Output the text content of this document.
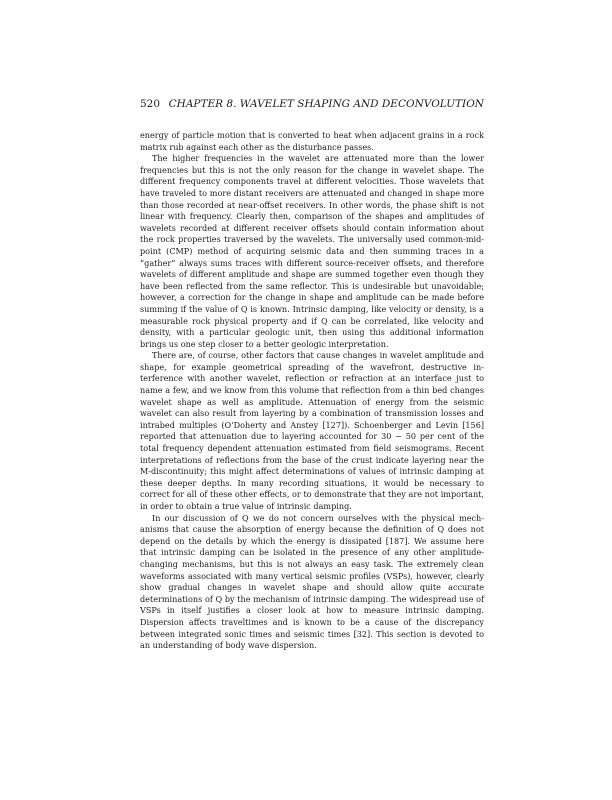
520 CHAPTER 8. WAVELET SHAPING AND DECONVOLUTION

energy of particle motion that is converted to heat when adjacent grains in a rock matrix rub against each other as the disturbance passes.

The higher frequencies in the wavelet are attenuated more than the lower frequencies but this is not the only reason for the change in wavelet shape. The different frequency components travel at different velocities. Those wavelets that have traveled to more distant receivers are attenuated and changed in shape more than those recorded at near-offset receivers. In other words, the phase shift is not linear with frequency. Clearly then, comparison of the shapes and amplitudes of wavelets recorded at different receiver offsets should contain information about the rock properties traversed by the wavelets. The universally used common-mid-point (CMP) method of acquiring seismic data and then summing traces in a “gather” always sums traces with different source-receiver offsets, and therefore wavelets of different amplitude and shape are summed together even though they have been reflected from the same reflector. This is undesirable but unavoidable; however, a correction for the change in shape and amplitude can be made before summing if the value of Q is known. Intrinsic damping, like velocity or density, is a measurable rock physical property and if Q can be correlated, like velocity and density, with a particular geologic unit, then using this additional information brings us one step closer to a better geologic interpretation.

There are, of course, other factors that cause changes in wavelet amplitude and shape, for example geometrical spreading of the wavefront, destructive interference with another wavelet, reflection or refraction at an interface just to name a few, and we know from this volume that reflection from a thin bed changes wavelet shape as well as amplitude. Attenuation of energy from the seismic wavelet can also result from layering by a combination of transmission losses and intrabed multiples (O’Doherty and Anstey [127]). Schoenberger and Levin [156] reported that attenuation due to layering accounted for 30 − 50 per cent of the total frequency dependent attenuation estimated from field seismograms. Recent interpretations of reflections from the base of the crust indicate layering near the M-discontinuity; this might affect determinations of values of intrinsic damping at these deeper depths. In many recording situations, it would be necessary to correct for all of these other effects, or to demonstrate that they are not important, in order to obtain a true value of intrinsic damping.

In our discussion of Q we do not concern ourselves with the physical mechanisms that cause the absorption of energy because the definition of Q does not depend on the details by which the energy is dissipated [187]. We assume here that intrinsic damping can be isolated in the presence of any other amplitude-changing mechanisms, but this is not always an easy task. The extremely clean waveforms associated with many vertical seismic profiles (VSPs), however, clearly show gradual changes in wavelet shape and should allow quite accurate determinations of Q by the mechanism of intrinsic damping. The widespread use of VSPs in itself justifies a closer look at how to measure intrinsic damping. Dispersion affects traveltimes and is known to be a cause of the discrepancy between integrated sonic times and seismic times [32]. This section is devoted to an understanding of body wave dispersion.
